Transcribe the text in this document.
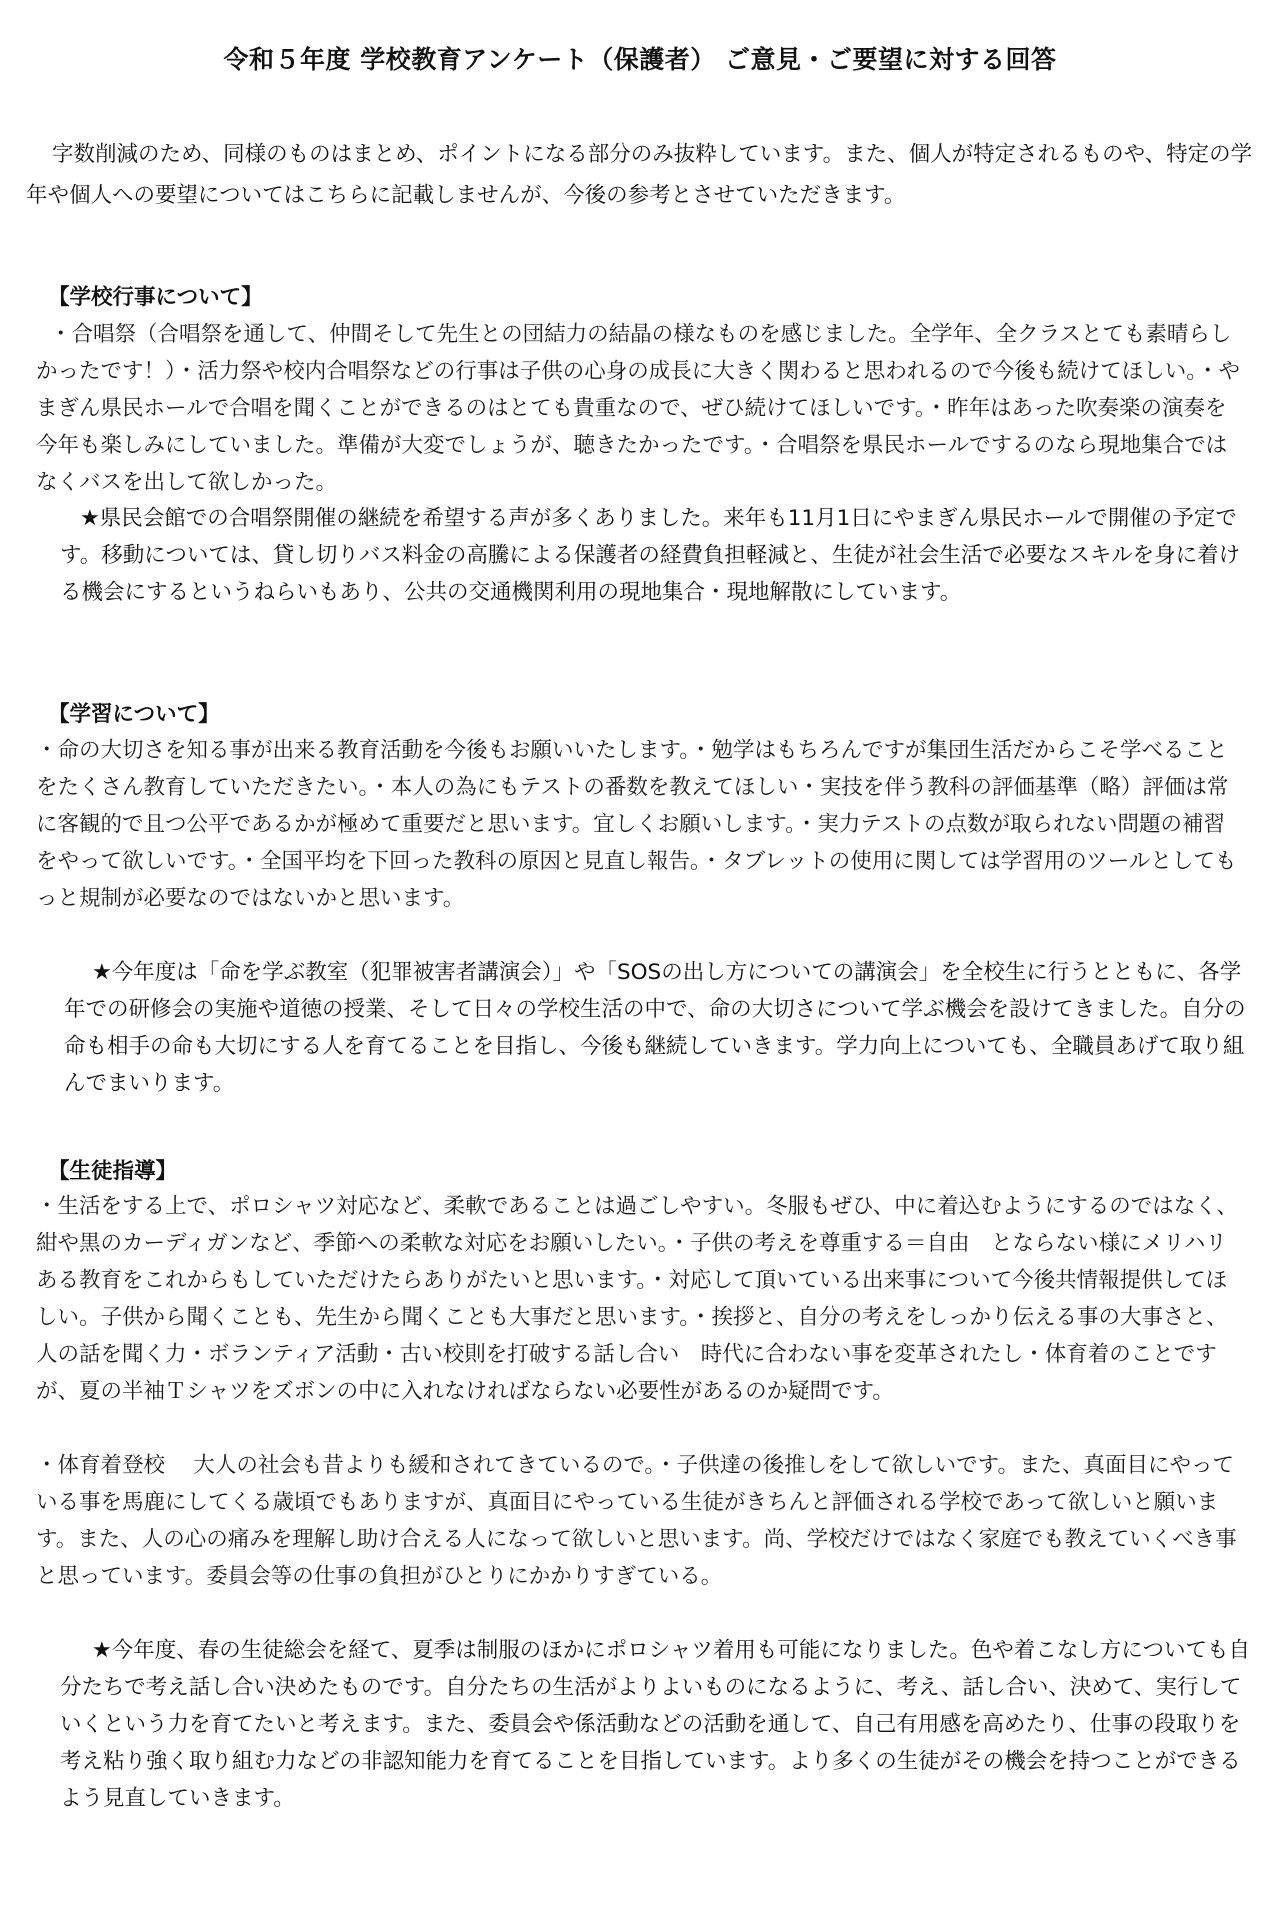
令和５年度 学校教育アンケート（保護者） ご意見・ご要望に対する回答
字数削減のため、同様のものはまとめ、ポイントになる部分のみ抜粋しています。また、個人が特定されるものや、特定の学年や個人への要望についてはこちらに記載しませんが、今後の参考とさせていただきます。
【学校行事について】
・合唱祭（合唱祭を通して、仲間そして先生との団結力の結晶の様なものを感じました。全学年、全クラスとても素晴らしかったです！）・活力祭や校内合唱祭などの行事は子供の心身の成長に大きく関わると思われるので今後も続けてほしい。・やまぎん県民ホールで合唱を聞くことができるのはとても貴重なので、ぜひ続けてほしいです。・昨年はあった吹奏楽の演奏を今年も楽しみにしていました。準備が大変でしょうが、聴きたかったです。・合唱祭を県民ホールでするのなら現地集合ではなくバスを出して欲しかった。
★県民会館での合唱祭開催の継続を希望する声が多くありました。来年も11月1日にやまぎん県民ホールで開催の予定です。移動については、貸し切りバス料金の高騰による保護者の経費負担軽減と、生徒が社会生活で必要なスキルを身に着ける機会にするというねらいもあり、公共の交通機関利用の現地集合・現地解散にしています。
【学習について】
・命の大切さを知る事が出来る教育活動を今後もお願いいたします。・勉学はもちろんですが集団生活だからこそ学べることをたくさん教育していただきたい。・本人の為にもテストの番数を教えてほしい・実技を伴う教科の評価基準（略）評価は常に客観的で且つ公平であるかが極めて重要だと思います。宜しくお願いします。・実力テストの点数が取られない問題の補習をやって欲しいです。・全国平均を下回った教科の原因と見直し報告。・タブレットの使用に関しては学習用のツールとしてもっと規制が必要なのではないかと思います。
★今年度は「命を学ぶ教室（犯罪被害者講演会）」や「SOSの出し方についての講演会」を全校生に行うとともに、各学年での研修会の実施や道徳の授業、そして日々の学校生活の中で、命の大切さについて学ぶ機会を設けてきました。自分の命も相手の命も大切にする人を育てることを目指し、今後も継続していきます。学力向上についても、全職員あげて取り組んでまいります。
【生徒指導】
・生活をする上で、ポロシャツ対応など、柔軟であることは過ごしやすい。冬服もぜひ、中に着込むようにするのではなく、紺や黒のカーディガンなど、季節への柔軟な対応をお願いしたい。・子供の考えを尊重する＝自由　とならない様にメリハリある教育をこれからもしていただけたらありがたいと思います。・対応して頂いている出来事について今後共情報提供してほしい。子供から聞くことも、先生から聞くことも大事だと思います。・挨拶と、自分の考えをしっかり伝える事の大事さと、人の話を聞く力・ボランティア活動・古い校則を打破する話し合い　時代に合わない事を変革されたし・体育着のことですが、夏の半袖Ｔシャツをズボンの中に入れなければならない必要性があるのか疑問です。
・体育着登校　 大人の社会も昔よりも緩和されてきているので。・子供達の後推しをして欲しいです。また、真面目にやっている事を馬鹿にしてくる歳頃でもありますが、真面目にやっている生徒がきちんと評価される学校であって欲しいと願います。また、人の心の痛みを理解し助け合える人になって欲しいと思います。尚、学校だけではなく家庭でも教えていくべき事と思っています。委員会等の仕事の負担がひとりにかかりすぎている。
★今年度、春の生徒総会を経て、夏季は制服のほかにポロシャツ着用も可能になりました。色や着こなし方についても自分たちで考え話し合い決めたものです。自分たちの生活がよりよいものになるように、考え、話し合い、決めて、実行していくという力を育てたいと考えます。また、委員会や係活動などの活動を通して、自己有用感を高めたり、仕事の段取りを考え粘り強く取り組む力などの非認知能力を育てることを目指しています。より多くの生徒がその機会を持つことができるよう見直していきます。
